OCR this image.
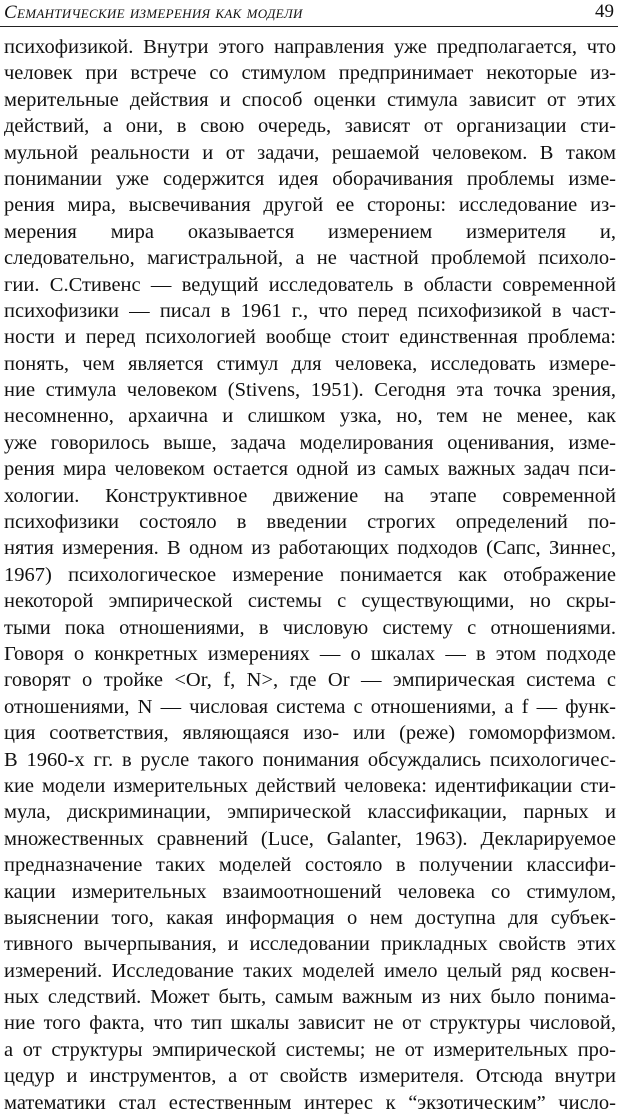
Семантические измерения как модели	49
психофизикой. Внутри этого направления уже предполагается, что
человек при встрече со стимулом предпринимает некоторые из-
мерительные действия и способ оценки стимула зависит от этих
действий, а они, в свою очередь, зависят от организации сти-
мульной реальности и от задачи, решаемой человеком. В таком
понимании уже содержится идея оборачивания проблемы изме-
рения мира, высвечивания другой ее стороны: исследование из-
мерения мира оказывается измерением измерителя и,
следовательно, магистральной, а не частной проблемой психоло-
гии. С.Стивенс — ведущий исследователь в области современной
психофизики — писал в 1961 г., что перед психофизикой в част-
ности и перед психологией вообще стоит единственная проблема:
понять, чем является стимул для человека, исследовать измере-
ние стимула человеком (Stivens, 1951). Сегодня эта точка зрения,
несомненно, архаична и слишком узка, но, тем не менее, как
уже говорилось выше, задача моделирования оценивания, изме-
рения мира человеком остается одной из самых важных задач пси-
хологии. Конструктивное движение на этапе современной
психофизики состояло в введении строгих определений по-
нятия измерения. В одном из работающих подходов (Сапс, Зиннес,
1967) психологическое измерение понимается как отображение
некоторой эмпирической системы с существующими, но скры-
тыми пока отношениями, в числовую систему с отношениями.
Говоря о конкретных измерениях — о шкалах — в этом подходе
говорят о тройке <Or, f, N>, где Or — эмпирическая система с
отношениями, N — числовая система с отношениями, а f — функ-
ция соответствия, являющаяся изо- или (реже) гомоморфизмом.
В 1960-х гг. в русле такого понимания обсуждались психологичес-
кие модели измерительных действий человека: идентификации сти-
мула, дискриминации, эмпирической классификации, парных и
множественных сравнений (Luce, Galanter, 1963). Декларируемое
предназначение таких моделей состояло в получении классифи-
кации измерительных взаимоотношений человека со стимулом,
выяснении того, какая информация о нем доступна для субъек-
тивного вычерпывания, и исследовании прикладных свойств этих
измерений. Исследование таких моделей имело целый ряд косвен-
ных следствий. Может быть, самым важным из них было понима-
ние того факта, что тип шкалы зависит не от структуры числовой,
а от структуры эмпирической системы; не от измерительных про-
цедур и инструментов, а от свойств измерителя. Отсюда внутри
математики стал естественным интерес к “экзотическим” число-
